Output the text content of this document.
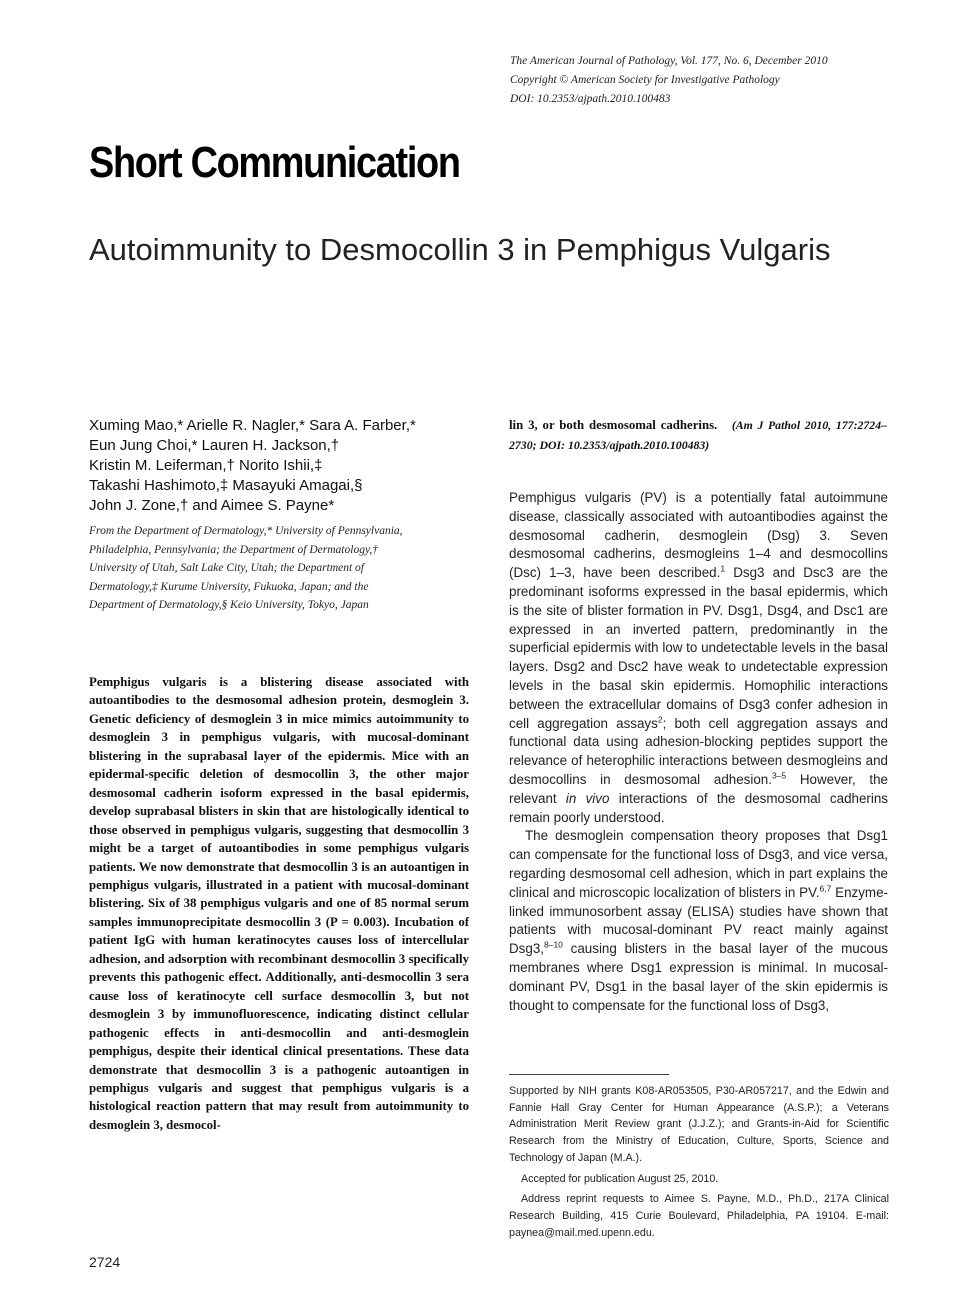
The American Journal of Pathology, Vol. 177, No. 6, December 2010
Copyright © American Society for Investigative Pathology
DOI: 10.2353/ajpath.2010.100483
Short Communication
Autoimmunity to Desmocollin 3 in Pemphigus Vulgaris
Xuming Mao,* Arielle R. Nagler,* Sara A. Farber,*
Eun Jung Choi,* Lauren H. Jackson,†
Kristin M. Leiferman,† Norito Ishii,‡
Takashi Hashimoto,‡ Masayuki Amagai,§
John J. Zone,† and Aimee S. Payne*
From the Department of Dermatology,* University of Pennsylvania,
Philadelphia, Pennsylvania; the Department of Dermatology,†
University of Utah, Salt Lake City, Utah; the Department of
Dermatology,‡ Kurume University, Fukuoka, Japan; and the
Department of Dermatology,§ Keio University, Tokyo, Japan
Pemphigus vulgaris is a blistering disease associated with autoantibodies to the desmosomal adhesion protein, desmoglein 3. Genetic deficiency of desmoglein 3 in mice mimics autoimmunity to desmoglein 3 in pemphigus vulgaris, with mucosal-dominant blistering in the suprabasal layer of the epidermis. Mice with an epidermal-specific deletion of desmocollin 3, the other major desmosomal cadherin isoform expressed in the basal epidermis, develop suprabasal blisters in skin that are histologically identical to those observed in pemphigus vulgaris, suggesting that desmocollin 3 might be a target of autoantibodies in some pemphigus vulgaris patients. We now demonstrate that desmocollin 3 is an autoantigen in pemphigus vulgaris, illustrated in a patient with mucosal-dominant blistering. Six of 38 pemphigus vulgaris and one of 85 normal serum samples immunoprecipitate desmocollin 3 (P = 0.003). Incubation of patient IgG with human keratinocytes causes loss of intercellular adhesion, and adsorption with recombinant desmocollin 3 specifically prevents this pathogenic effect. Additionally, anti-desmocollin 3 sera cause loss of keratinocyte cell surface desmocollin 3, but not desmoglein 3 by immunofluorescence, indicating distinct cellular pathogenic effects in anti-desmocollin and anti-desmoglein pemphigus, despite their identical clinical presentations. These data demonstrate that desmocollin 3 is a pathogenic autoantigen in pemphigus vulgaris and suggest that pemphigus vulgaris is a histological reaction pattern that may result from autoimmunity to desmoglein 3, desmocol-
lin 3, or both desmosomal cadherins. (Am J Pathol 2010, 177:2724–2730; DOI: 10.2353/ajpath.2010.100483)

Pemphigus vulgaris (PV) is a potentially fatal autoimmune disease, classically associated with autoantibodies against the desmosomal cadherin, desmoglein (Dsg) 3. Seven desmosomal cadherins, desmogleins 1–4 and desmocollins (Dsc) 1–3, have been described.$^1$ Dsg3 and Dsc3 are the predominant isoforms expressed in the basal epidermis, which is the site of blister formation in PV. Dsg1, Dsg4, and Dsc1 are expressed in an inverted pattern, predominantly in the superficial epidermis with low to undetectable levels in the basal layers. Dsg2 and Dsc2 have weak to undetectable expression levels in the basal skin epidermis. Homophilic interactions between the extracellular domains of Dsg3 confer adhesion in cell aggregation assays$^2$; both cell aggregation assays and functional data using adhesion-blocking peptides support the relevance of heterophilic interactions between desmogleins and desmocollins in desmosomal adhesion.$^{3-5}$ However, the relevant in vivo interactions of the desmosomal cadherins remain poorly understood.

The desmoglein compensation theory proposes that Dsg1 can compensate for the functional loss of Dsg3, and vice versa, regarding desmosomal cell adhesion, which in part explains the clinical and microscopic localization of blisters in PV.$^{6,7}$ Enzyme-linked immunosorbent assay (ELISA) studies have shown that patients with mucosal-dominant PV react mainly against Dsg3,$^{8-10}$ causing blisters in the basal layer of the mucous membranes where Dsg1 expression is minimal. In mucosal-dominant PV, Dsg1 in the basal layer of the skin epidermis is thought to compensate for the functional loss of Dsg3,

Supported by NIH grants K08-AR053505, P30-AR057217, and the Edwin and Fannie Hall Gray Center for Human Appearance (A.S.P.); a Veterans Administration Merit Review grant (J.J.Z.); and Grants-in-Aid for Scientific Research from the Ministry of Education, Culture, Sports, Science and Technology of Japan (M.A.).

Accepted for publication August 25, 2010.

Address reprint requests to Aimee S. Payne, M.D., Ph.D., 217A Clinical Research Building, 415 Curie Boulevard, Philadelphia, PA 19104. E-mail: paynea@mail.med.upenn.edu.

2724
